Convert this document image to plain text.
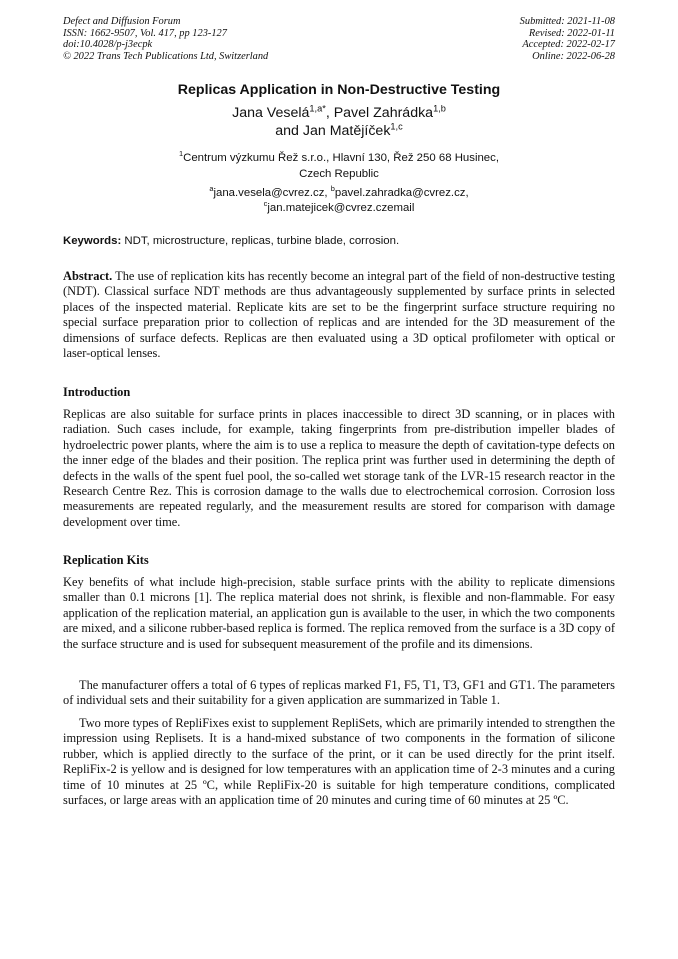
Defect and Diffusion Forum
ISSN: 1662-9507, Vol. 417, pp 123-127
doi:10.4028/p-j3ecpk
© 2022 Trans Tech Publications Ltd, Switzerland
Submitted: 2021-11-08
Revised: 2022-01-11
Accepted: 2022-02-17
Online: 2022-06-28
Replicas Application in Non-Destructive Testing
Jana Veselá$^{1,a*}$, Pavel Zahrádka$^{1,b}$
and Jan Matějíček$^{1,c}$
$^1$Centrum výzkumu Řež s.r.o., Hlavní 130, Řež 250 68 Husinec,
Czech Republic
$^a$jana.vesela@cvrez.cz, $^b$pavel.zahradka@cvrez.cz,
$^c$jan.matejicek@cvrez.czemail
Keywords: NDT, microstructure, replicas, turbine blade, corrosion.
Abstract. The use of replication kits has recently become an integral part of the field of non-destructive testing (NDT). Classical surface NDT methods are thus advantageously supplemented by surface prints in selected places of the inspected material. Replicate kits are set to be the fingerprint surface structure requiring no special surface preparation prior to collection of replicas and are intended for the 3D measurement of the dimensions of surface defects. Replicas are then evaluated using a 3D optical profilometer with optical or laser-optical lenses.
Introduction
Replicas are also suitable for surface prints in places inaccessible to direct 3D scanning, or in places with radiation. Such cases include, for example, taking fingerprints from pre-distribution impeller blades of hydroelectric power plants, where the aim is to use a replica to measure the depth of cavitation-type defects on the inner edge of the blades and their position. The replica print was further used in determining the depth of defects in the walls of the spent fuel pool, the so-called wet storage tank of the LVR-15 research reactor in the Research Centre Rez. This is corrosion damage to the walls due to electrochemical corrosion. Corrosion loss measurements are repeated regularly, and the measurement results are stored for comparison with damage development over time.
Replication Kits
Key benefits of what include high-precision, stable surface prints with the ability to replicate dimensions smaller than 0.1 microns [1]. The replica material does not shrink, is flexible and non-flammable. For easy application of the replication material, an application gun is available to the user, in which the two components are mixed, and a silicone rubber-based replica is formed. The replica removed from the surface is a 3D copy of the surface structure and is used for subsequent measurement of the profile and its dimensions.
The manufacturer offers a total of 6 types of replicas marked F1, F5, T1, T3, GF1 and GT1. The parameters of individual sets and their suitability for a given application are summarized in Table 1.
Two more types of RepliFixes exist to supplement RepliSets, which are primarily intended to strengthen the impression using Replisets. It is a hand-mixed substance of two components in the formation of silicone rubber, which is applied directly to the surface of the print, or it can be used directly for the print itself. RepliFix-2 is yellow and is designed for low temperatures with an application time of 2-3 minutes and a curing time of 10 minutes at 25 ºC, while RepliFix-20 is suitable for high temperature conditions, complicated surfaces, or large areas with an application time of 20 minutes and curing time of 60 minutes at 25 ºC.
